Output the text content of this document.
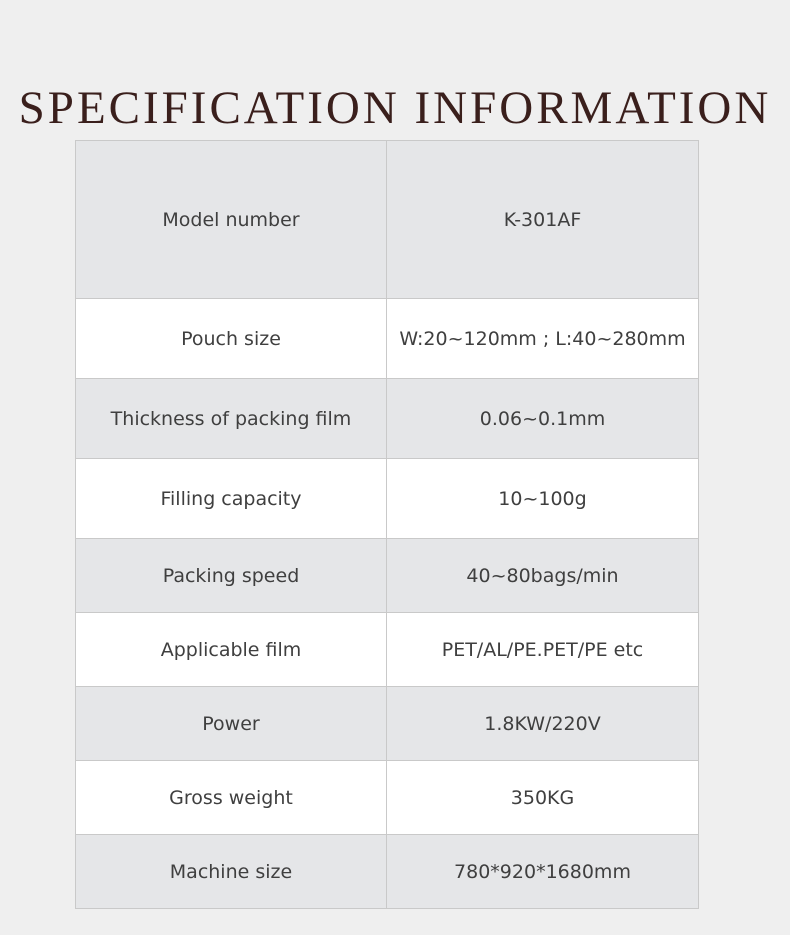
SPECIFICATION INFORMATION
Model number	K-301AF
Pouch size	W:20~120mm ; L:40~280mm
Thickness of packing film	0.06~0.1mm
Filling capacity	10~100g
Packing speed	40~80bags/min
Applicable film	PET/AL/PE.PET/PE etc
Power	1.8KW/220V
Gross weight	350KG
Machine size	780*920*1680mm
